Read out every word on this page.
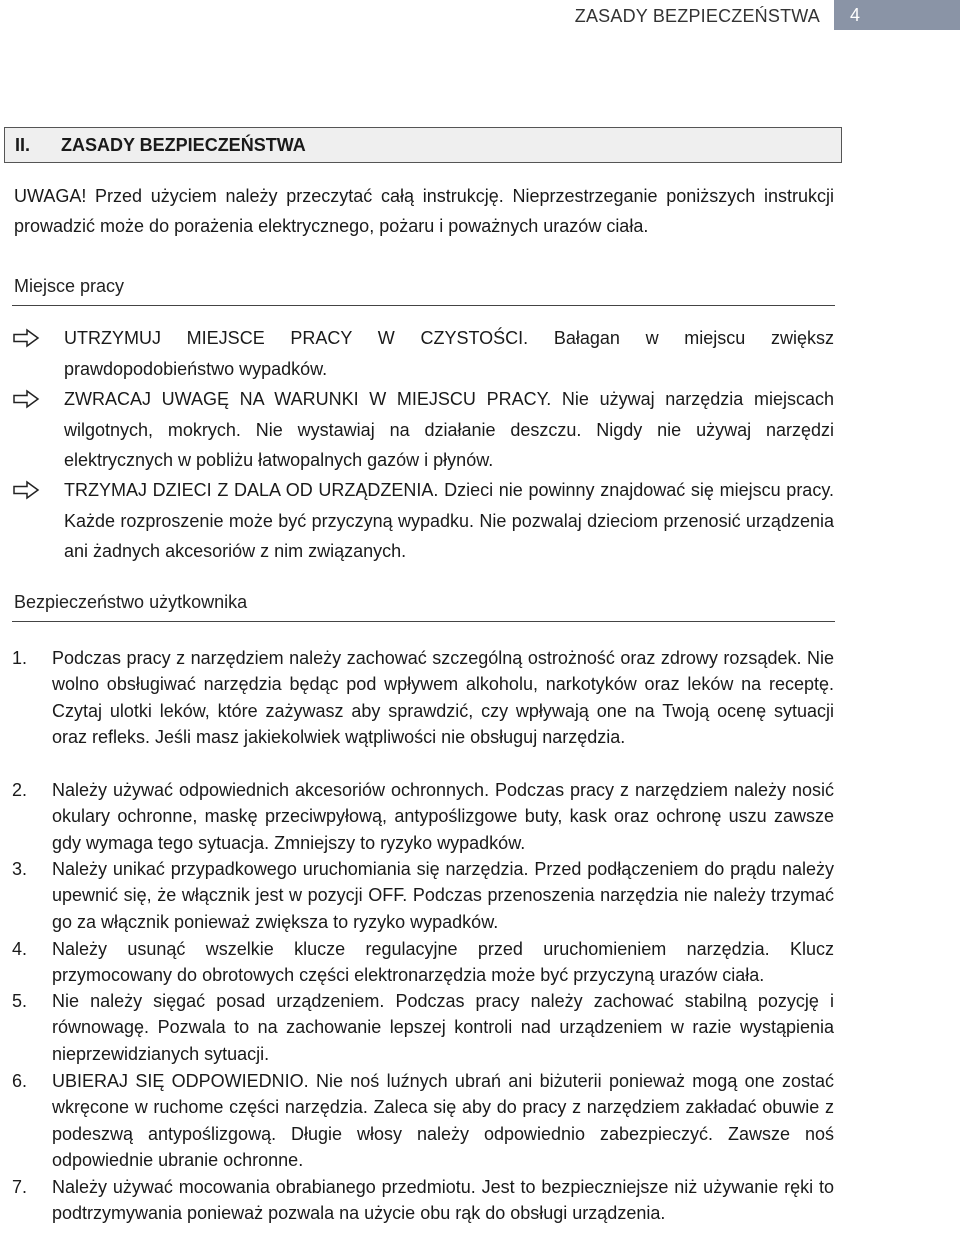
ZASADY BEZPIECZEŃSTWA	4
II.	ZASADY BEZPIECZEŃSTWA
UWAGA! Przed użyciem należy przeczytać całą instrukcję. Nieprzestrzeganie poniższych instrukcji prowadzić może do porażenia elektrycznego, pożaru i poważnych urazów ciała.
Miejsce pracy
UTRZYMUJ MIEJSCE PRACY W CZYSTOŚCI. Bałagan w miejscu zwiększ prawdopodobieństwo wypadków.
ZWRACAJ UWAGĘ NA WARUNKI W MIEJSCU PRACY. Nie używaj narzędzia miejscach wilgotnych, mokrych. Nie wystawiaj na działanie deszczu. Nigdy nie używaj narzędzi elektrycznych w pobliżu łatwopalnych gazów i płynów.
TRZYMAJ DZIECI Z DALA OD URZĄDZENIA. Dzieci nie powinny znajdować się miejscu pracy. Każde rozproszenie może być przyczyną wypadku. Nie pozwalaj dzieciom przenosić urządzenia ani żadnych akcesoriów z nim związanych.
Bezpieczeństwo użytkownika
1. Podczas pracy z narzędziem należy zachować szczególną ostrożność oraz zdrowy rozsądek. Nie wolno obsługiwać narzędzia będąc pod wpływem alkoholu, narkotyków oraz leków na receptę. Czytaj ulotki leków, które zażywasz aby sprawdzić, czy wpływają one na Twoją ocenę sytuacji oraz refleks. Jeśli masz jakiekolwiek wątpliwości nie obsługuj narzędzia.
2. Należy używać odpowiednich akcesoriów ochronnych. Podczas pracy z narzędziem należy nosić okulary ochronne, maskę przeciwpyłową, antypoślizgowe buty, kask oraz ochronę uszu zawsze gdy wymaga tego sytuacja. Zmniejszy to ryzyko wypadków.
3. Należy unikać przypadkowego uruchomiania się narzędzia. Przed podłączeniem do prądu należy upewnić się, że włącznik jest w pozycji OFF. Podczas przenoszenia narzędzia nie należy trzymać go za włącznik ponieważ zwiększa to ryzyko wypadków.
4. Należy usunąć wszelkie klucze regulacyjne przed uruchomieniem narzędzia. Klucz przymocowany do obrotowych części elektronarzędzia może być przyczyną urazów ciała.
5. Nie należy sięgać posad urządzeniem. Podczas pracy należy zachować stabilną pozycję i równowagę. Pozwala to na zachowanie lepszej kontroli nad urządzeniem w razie wystąpienia nieprzewidzianych sytuacji.
6. UBIERAJ SIĘ ODPOWIEDNIO. Nie noś luźnych ubrań ani biżuterii ponieważ mogą one zostać wkręcone w ruchome części narzędzia. Zaleca się aby do pracy z narzędziem zakładać obuwie z podeszwą antypoślizgową. Długie włosy należy odpowiednio zabezpieczyć. Zawsze noś odpowiednie ubranie ochronne.
7. Należy używać mocowania obrabianego przedmiotu. Jest to bezpieczniejsze niż używanie ręki to podtrzymywania ponieważ pozwala na użycie obu rąk do obsługi urządzenia.
